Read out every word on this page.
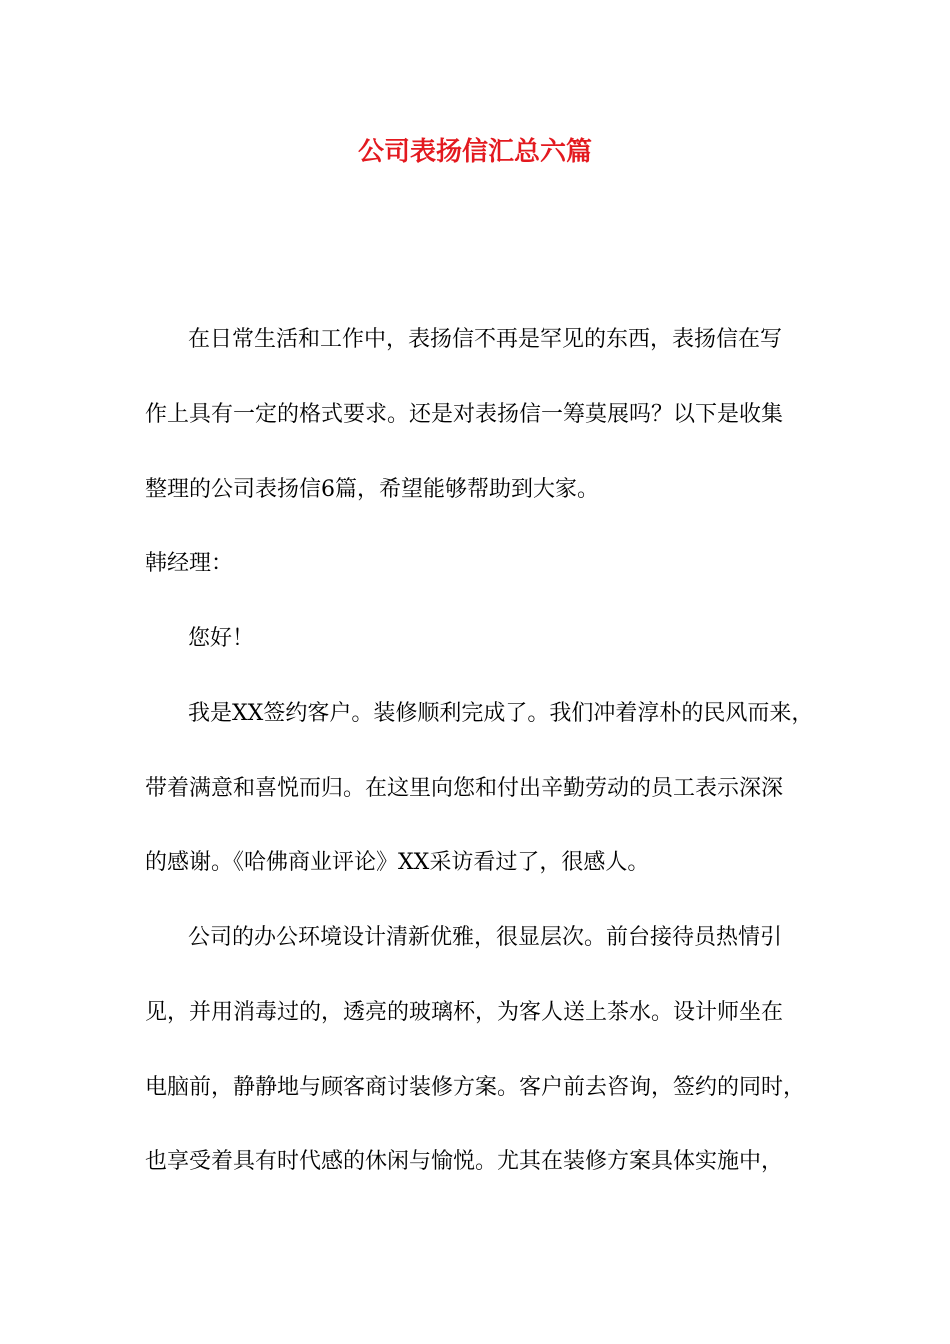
公司表扬信汇总六篇
在日常生活和工作中，表扬信不再是罕见的东西，表扬信在写
作上具有一定的格式要求。还是对表扬信一筹莫展吗？以下是收集
整理的公司表扬信6篇，希望能够帮助到大家。
韩经理：
您好！
我是XX签约客户。装修顺利完成了。我们冲着淳朴的民风而来，
带着满意和喜悦而归。在这里向您和付出辛勤劳动的员工表示深深
的感谢。《哈佛商业评论》XX采访看过了，很感人。
公司的办公环境设计清新优雅，很显层次。前台接待员热情引
见，并用消毒过的，透亮的玻璃杯，为客人送上茶水。设计师坐在
电脑前，静静地与顾客商讨装修方案。客户前去咨询，签约的同时，
也享受着具有时代感的休闲与愉悦。尤其在装修方案具体实施中，
